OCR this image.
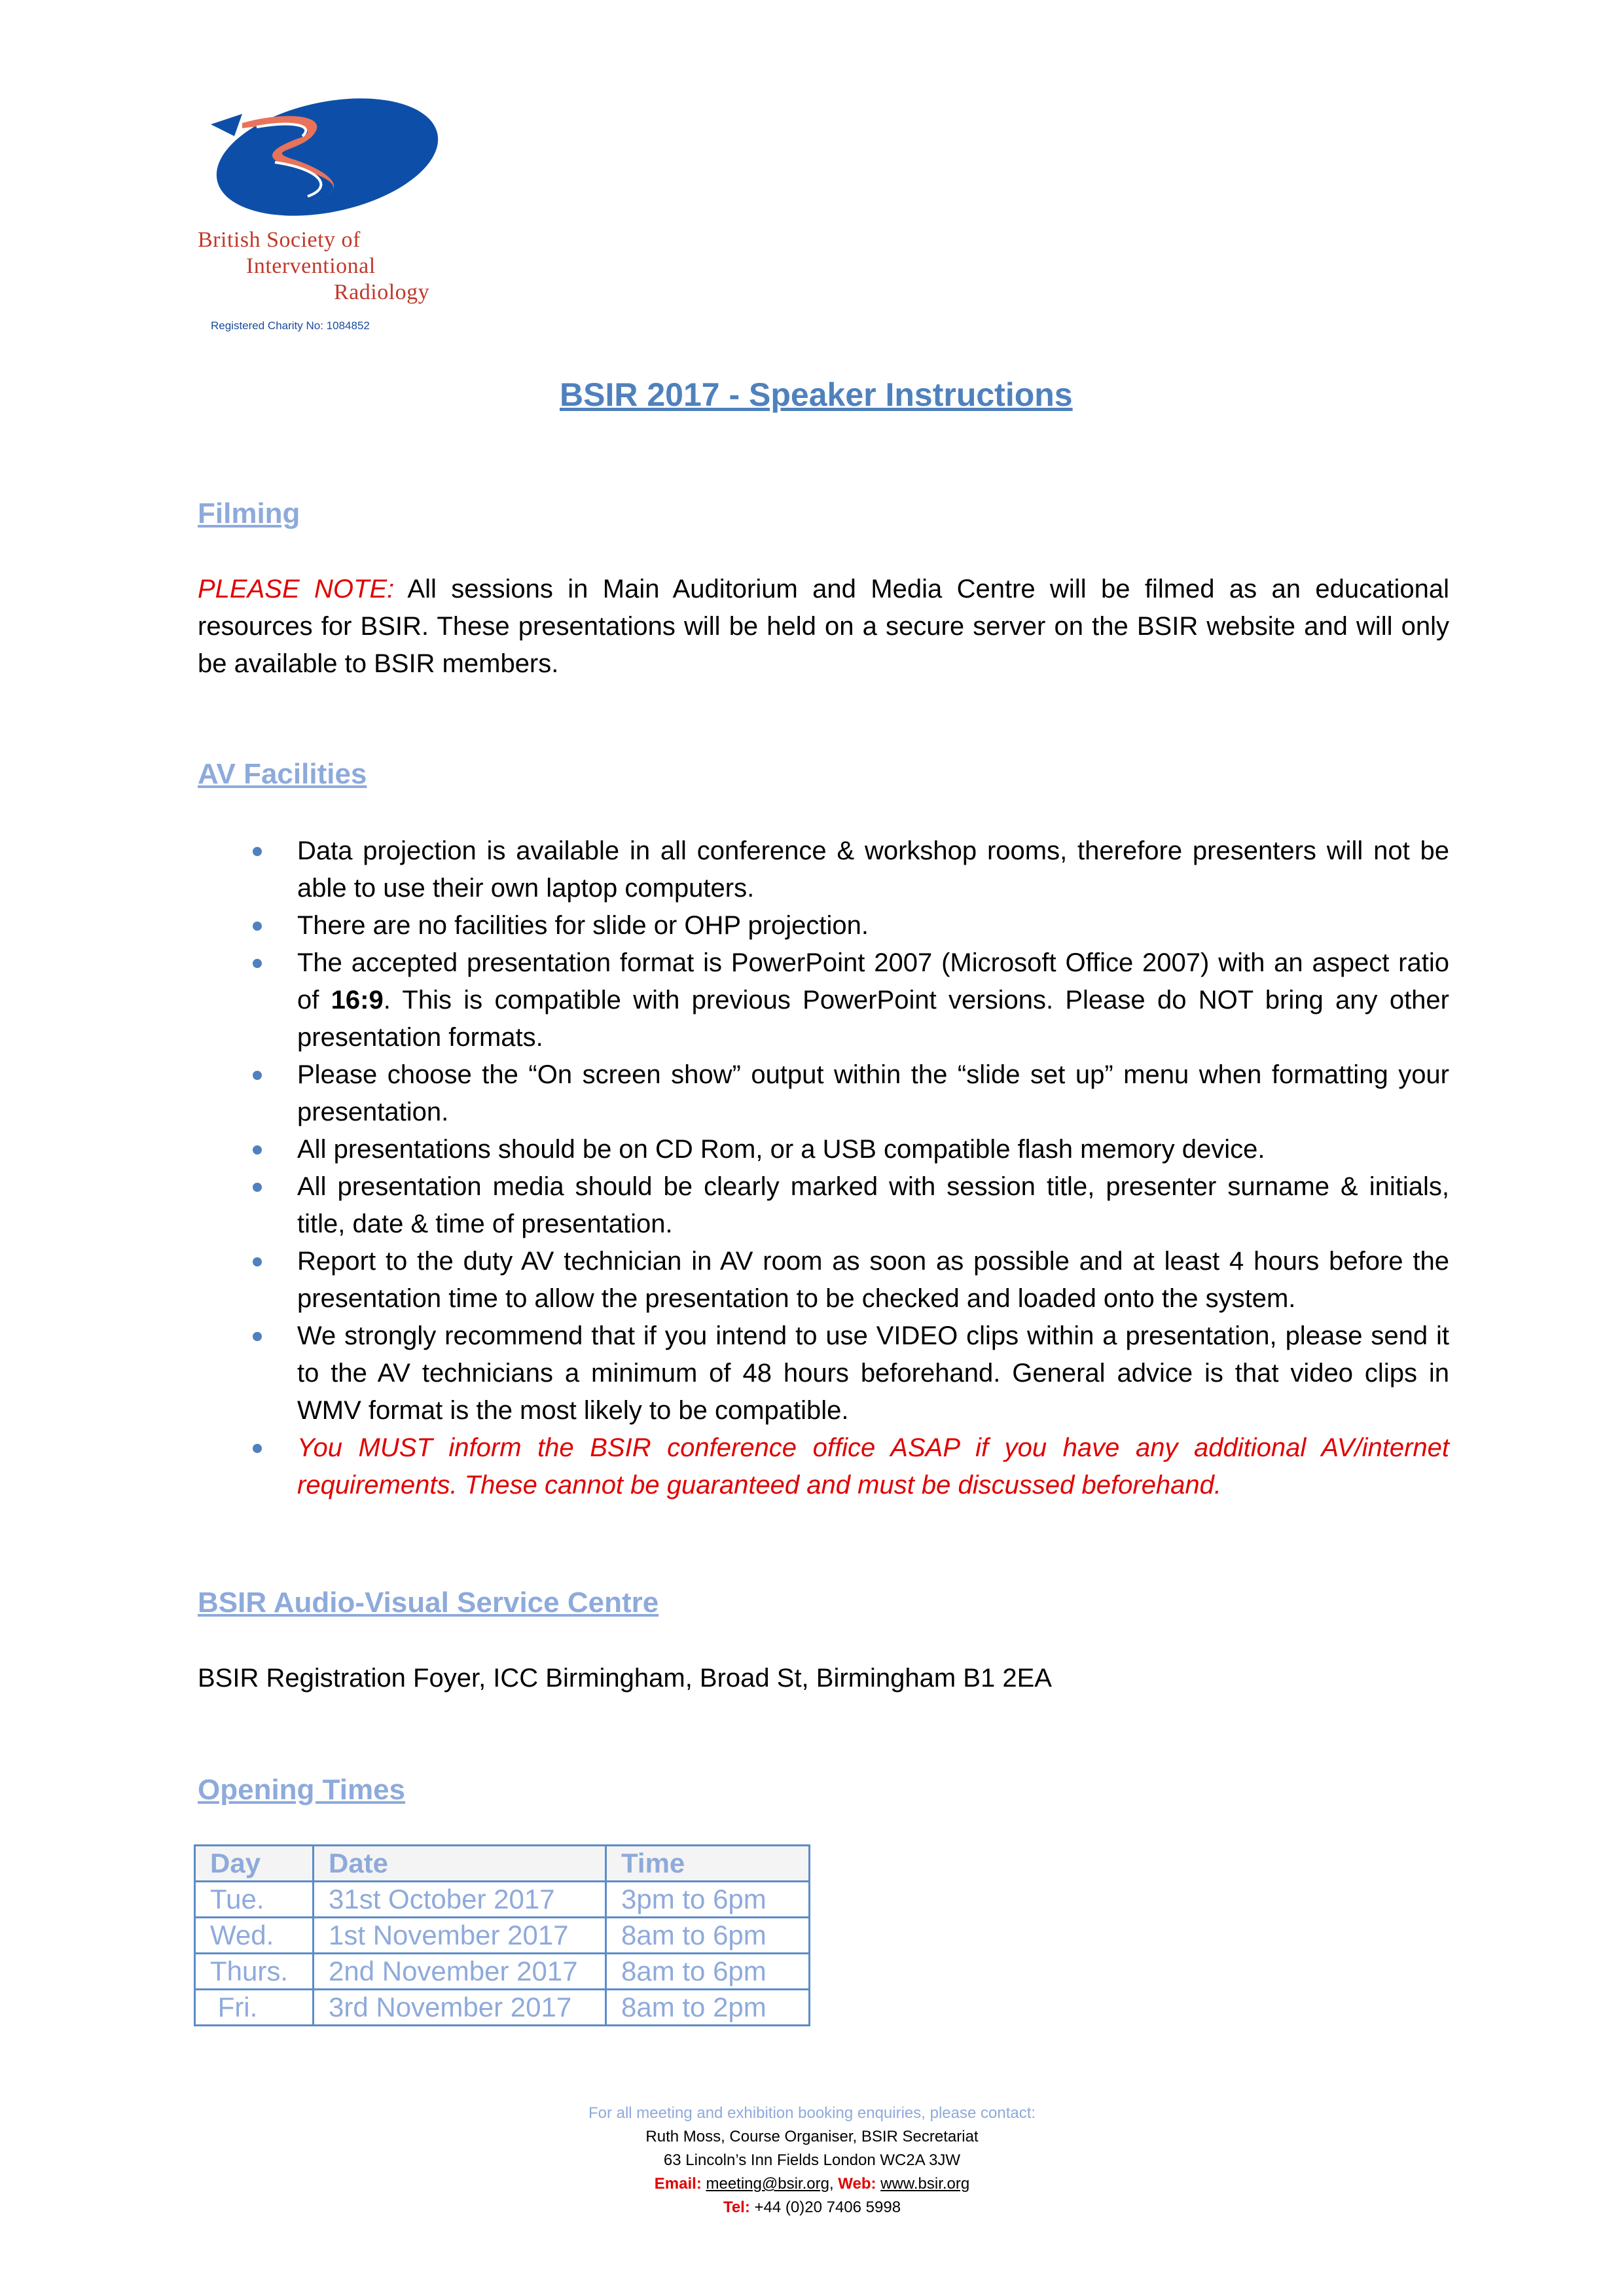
British Society of
Interventional
Radiology
Registered Charity No: 1084852
BSIR 2017 - Speaker Instructions
Filming
PLEASE NOTE: All sessions in Main Auditorium and Media Centre will be filmed as an educational resources for BSIR. These presentations will be held on a secure server on the BSIR website and will only be available to BSIR members.
AV Facilities
Data projection is available in all conference & workshop rooms, therefore presenters will not be able to use their own laptop computers.
There are no facilities for slide or OHP projection.
The accepted presentation format is PowerPoint 2007 (Microsoft Office 2007) with an aspect ratio of 16:9. This is compatible with previous PowerPoint versions. Please do NOT bring any other presentation formats.
Please choose the “On screen show” output within the “slide set up” menu when formatting your presentation.
All presentations should be on CD Rom, or a USB compatible flash memory device.
All presentation media should be clearly marked with session title, presenter surname & initials, title, date & time of presentation.
Report to the duty AV technician in AV room as soon as possible and at least 4 hours before the presentation time to allow the presentation to be checked and loaded onto the system.
We strongly recommend that if you intend to use VIDEO clips within a presentation, please send it to the AV technicians a minimum of 48 hours beforehand. General advice is that video clips in WMV format is the most likely to be compatible.
You MUST inform the BSIR conference office ASAP if you have any additional AV/internet requirements. These cannot be guaranteed and must be discussed beforehand.
BSIR Audio-Visual Service Centre
BSIR Registration Foyer, ICC Birmingham, Broad St, Birmingham B1 2EA
Opening Times
Day	Date	Time
Tue.	31st October 2017	3pm to 6pm
Wed.	1st November 2017	8am to 6pm
Thurs.	2nd November 2017	8am to 6pm
Fri.	3rd November 2017	8am to 2pm
For all meeting and exhibition booking enquiries, please contact:
Ruth Moss, Course Organiser, BSIR Secretariat
63 Lincoln’s Inn Fields London WC2A 3JW
Email: meeting@bsir.org, Web: www.bsir.org
Tel: +44 (0)20 7406 5998
